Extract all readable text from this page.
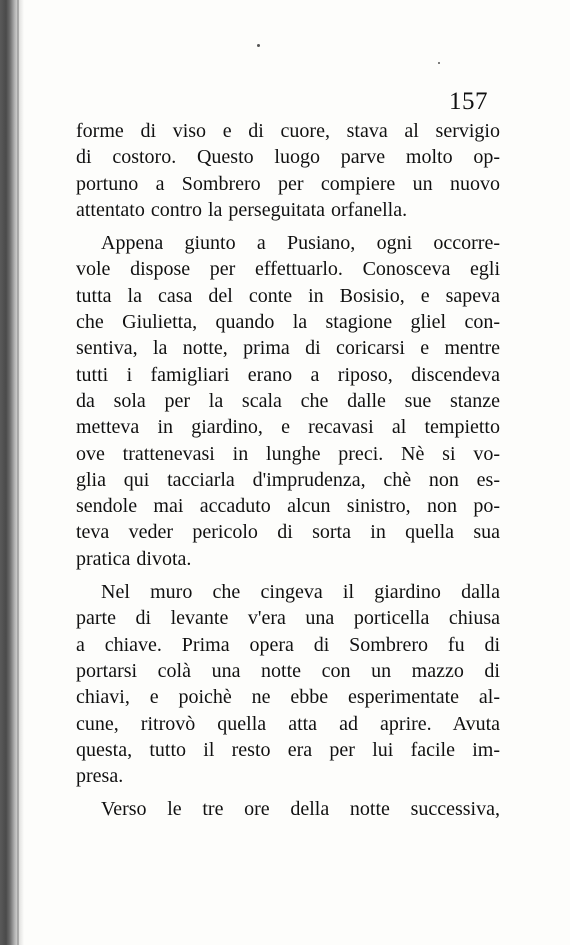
157
forme di viso e di cuore, stava al servigio
di costoro. Questo luogo parve molto op-
portuno a Sombrero per compiere un nuovo
attentato contro la perseguitata orfanella.
Appena giunto a Pusiano, ogni occorre-
vole dispose per effettuarlo. Conosceva egli
tutta la casa del conte in Bosisio, e sapeva
che Giulietta, quando la stagione gliel con-
sentiva, la notte, prima di coricarsi e mentre
tutti i famigliari erano a riposo, discendeva
da sola per la scala che dalle sue stanze
metteva in giardino, e recavasi al tempietto
ove trattenevasi in lunghe preci. Nè si vo-
glia qui tacciarla d'imprudenza, chè non es-
sendole mai accaduto alcun sinistro, non po-
teva veder pericolo di sorta in quella sua
pratica divota.
Nel muro che cingeva il giardino dalla
parte di levante v'era una porticella chiusa
a chiave. Prima opera di Sombrero fu di
portarsi colà una notte con un mazzo di
chiavi, e poichè ne ebbe esperimentate al-
cune, ritrovò quella atta ad aprire. Avuta
questa, tutto il resto era per lui facile im-
presa.
Verso le tre ore della notte successiva,
